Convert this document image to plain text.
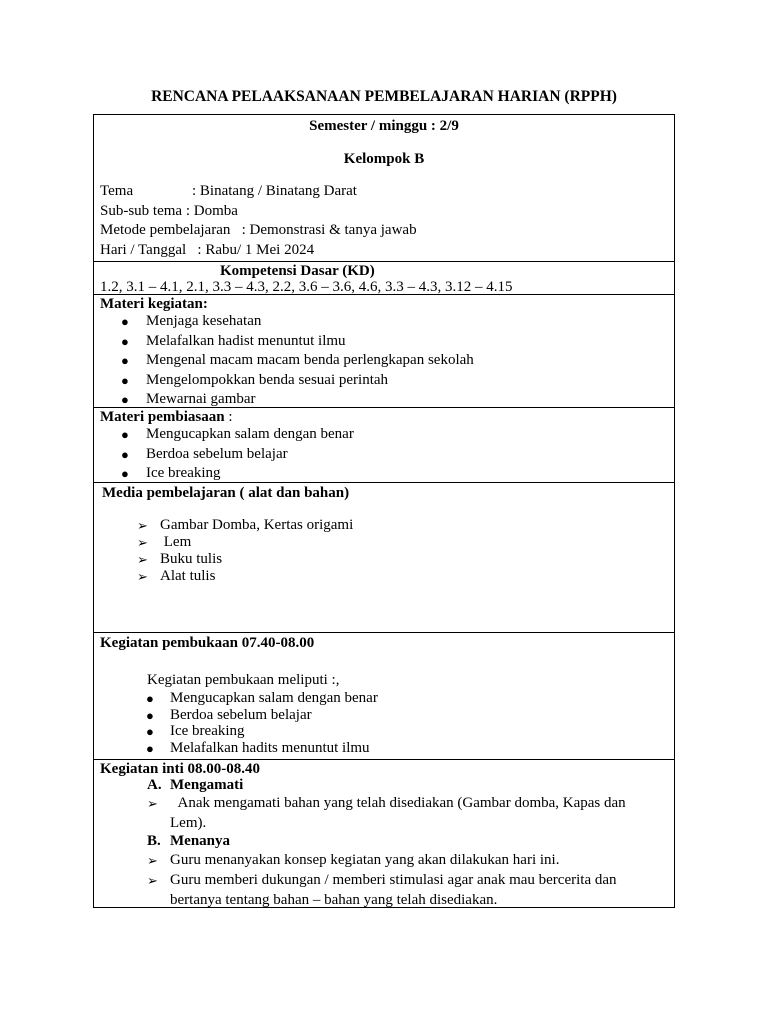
RENCANA PELAAKSANAAN PEMBELAJARAN HARIAN (RPPH)
Semester / minggu : 2/9
Kelompok B
Tema	: Binatang / Binatang Darat
Sub-sub tema : Domba
Metode pembelajaran   : Demonstrasi & tanya jawab
Hari / Tanggal   : Rabu/ 1 Mei 2024
Kompetensi Dasar (KD)
1.2, 3.1 – 4.1, 2.1, 3.3 – 4.3, 2.2, 3.6 – 3.6, 4.6, 3.3 – 4.3, 3.12 – 4.15
Materi kegiatan:
● Menjaga kesehatan
● Melafalkan hadist menuntut ilmu
● Mengenal macam macam benda perlengkapan sekolah
● Mengelompokkan benda sesuai perintah
● Mewarnai gambar
Materi pembiasaan :
● Mengucapkan salam dengan benar
● Berdoa sebelum belajar
● Ice breaking
Media pembelajaran ( alat dan bahan)
➢ Gambar Domba, Kertas origami
➢ Lem
➢ Buku tulis
➢ Alat tulis
Kegiatan pembukaan 07.40-08.00
Kegiatan pembukaan meliputi :,
● Mengucapkan salam dengan benar
● Berdoa sebelum belajar
● Ice breaking
● Melafalkan hadits menuntut ilmu
Kegiatan inti 08.00-08.40
A. Mengamati
➢ Anak mengamati bahan yang telah disediakan (Gambar domba, Kapas dan Lem).
B. Menanya
➢ Guru menanyakan konsep kegiatan yang akan dilakukan hari ini.
➢ Guru memberi dukungan / memberi stimulasi agar anak mau bercerita dan bertanya tentang bahan – bahan yang telah disediakan.
